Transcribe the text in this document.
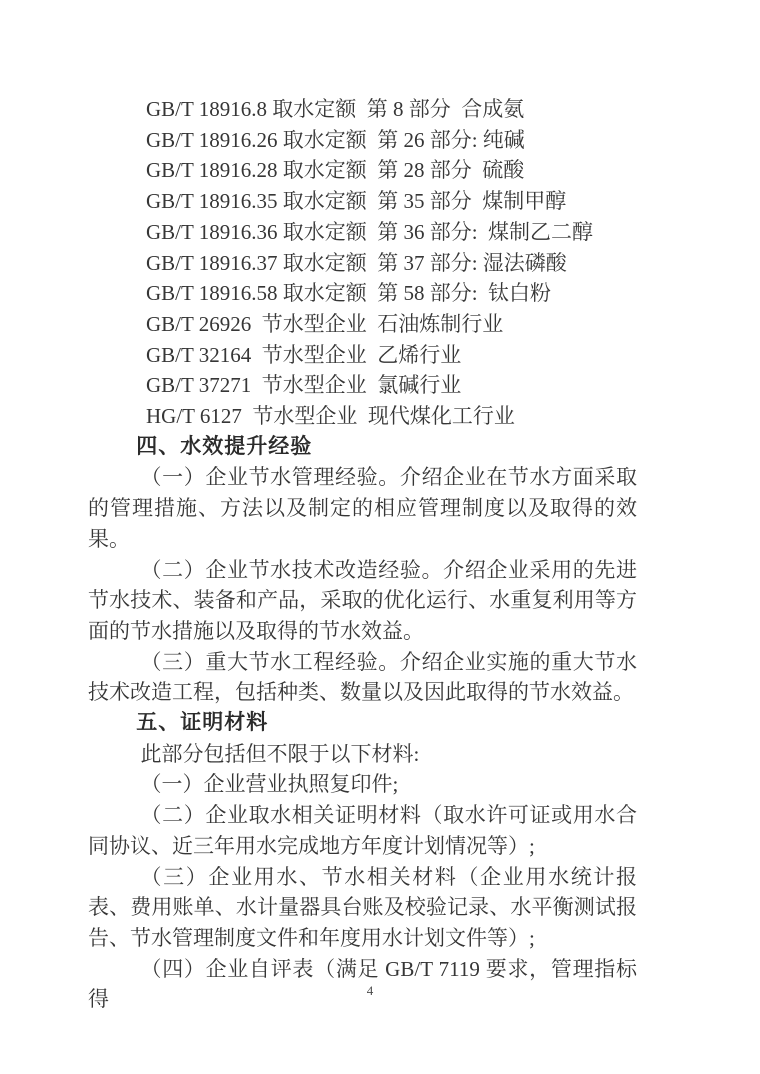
GB/T 18916.8 取水定额  第 8 部分  合成氨
GB/T 18916.26 取水定额  第 26 部分: 纯碱
GB/T 18916.28 取水定额  第 28 部分  硫酸
GB/T 18916.35 取水定额  第 35 部分  煤制甲醇
GB/T 18916.36 取水定额  第 36 部分:  煤制乙二醇
GB/T 18916.37 取水定额  第 37 部分: 湿法磷酸
GB/T 18916.58 取水定额  第 58 部分:  钛白粉
GB/T 26926  节水型企业  石油炼制行业
GB/T 32164  节水型企业  乙烯行业
GB/T 37271  节水型企业  氯碱行业
HG/T 6127  节水型企业  现代煤化工行业
四、水效提升经验

（一）企业节水管理经验。介绍企业在节水方面采取的管理措施、方法以及制定的相应管理制度以及取得的效果。

（二）企业节水技术改造经验。介绍企业采用的先进节水技术、装备和产品，采取的优化运行、水重复利用等方面的节水措施以及取得的节水效益。

（三）重大节水工程经验。介绍企业实施的重大节水技术改造工程，包括种类、数量以及因此取得的节水效益。

五、证明材料

此部分包括但不限于以下材料:

（一）企业营业执照复印件;

（二）企业取水相关证明材料（取水许可证或用水合同协议、近三年用水完成地方年度计划情况等）;

（三）企业用水、节水相关材料（企业用水统计报表、费用账单、水计量器具台账及校验记录、水平衡测试报告、节水管理制度文件和年度用水计划文件等）;

（四）企业自评表（满足 GB/T 7119 要求，管理指标得	4
